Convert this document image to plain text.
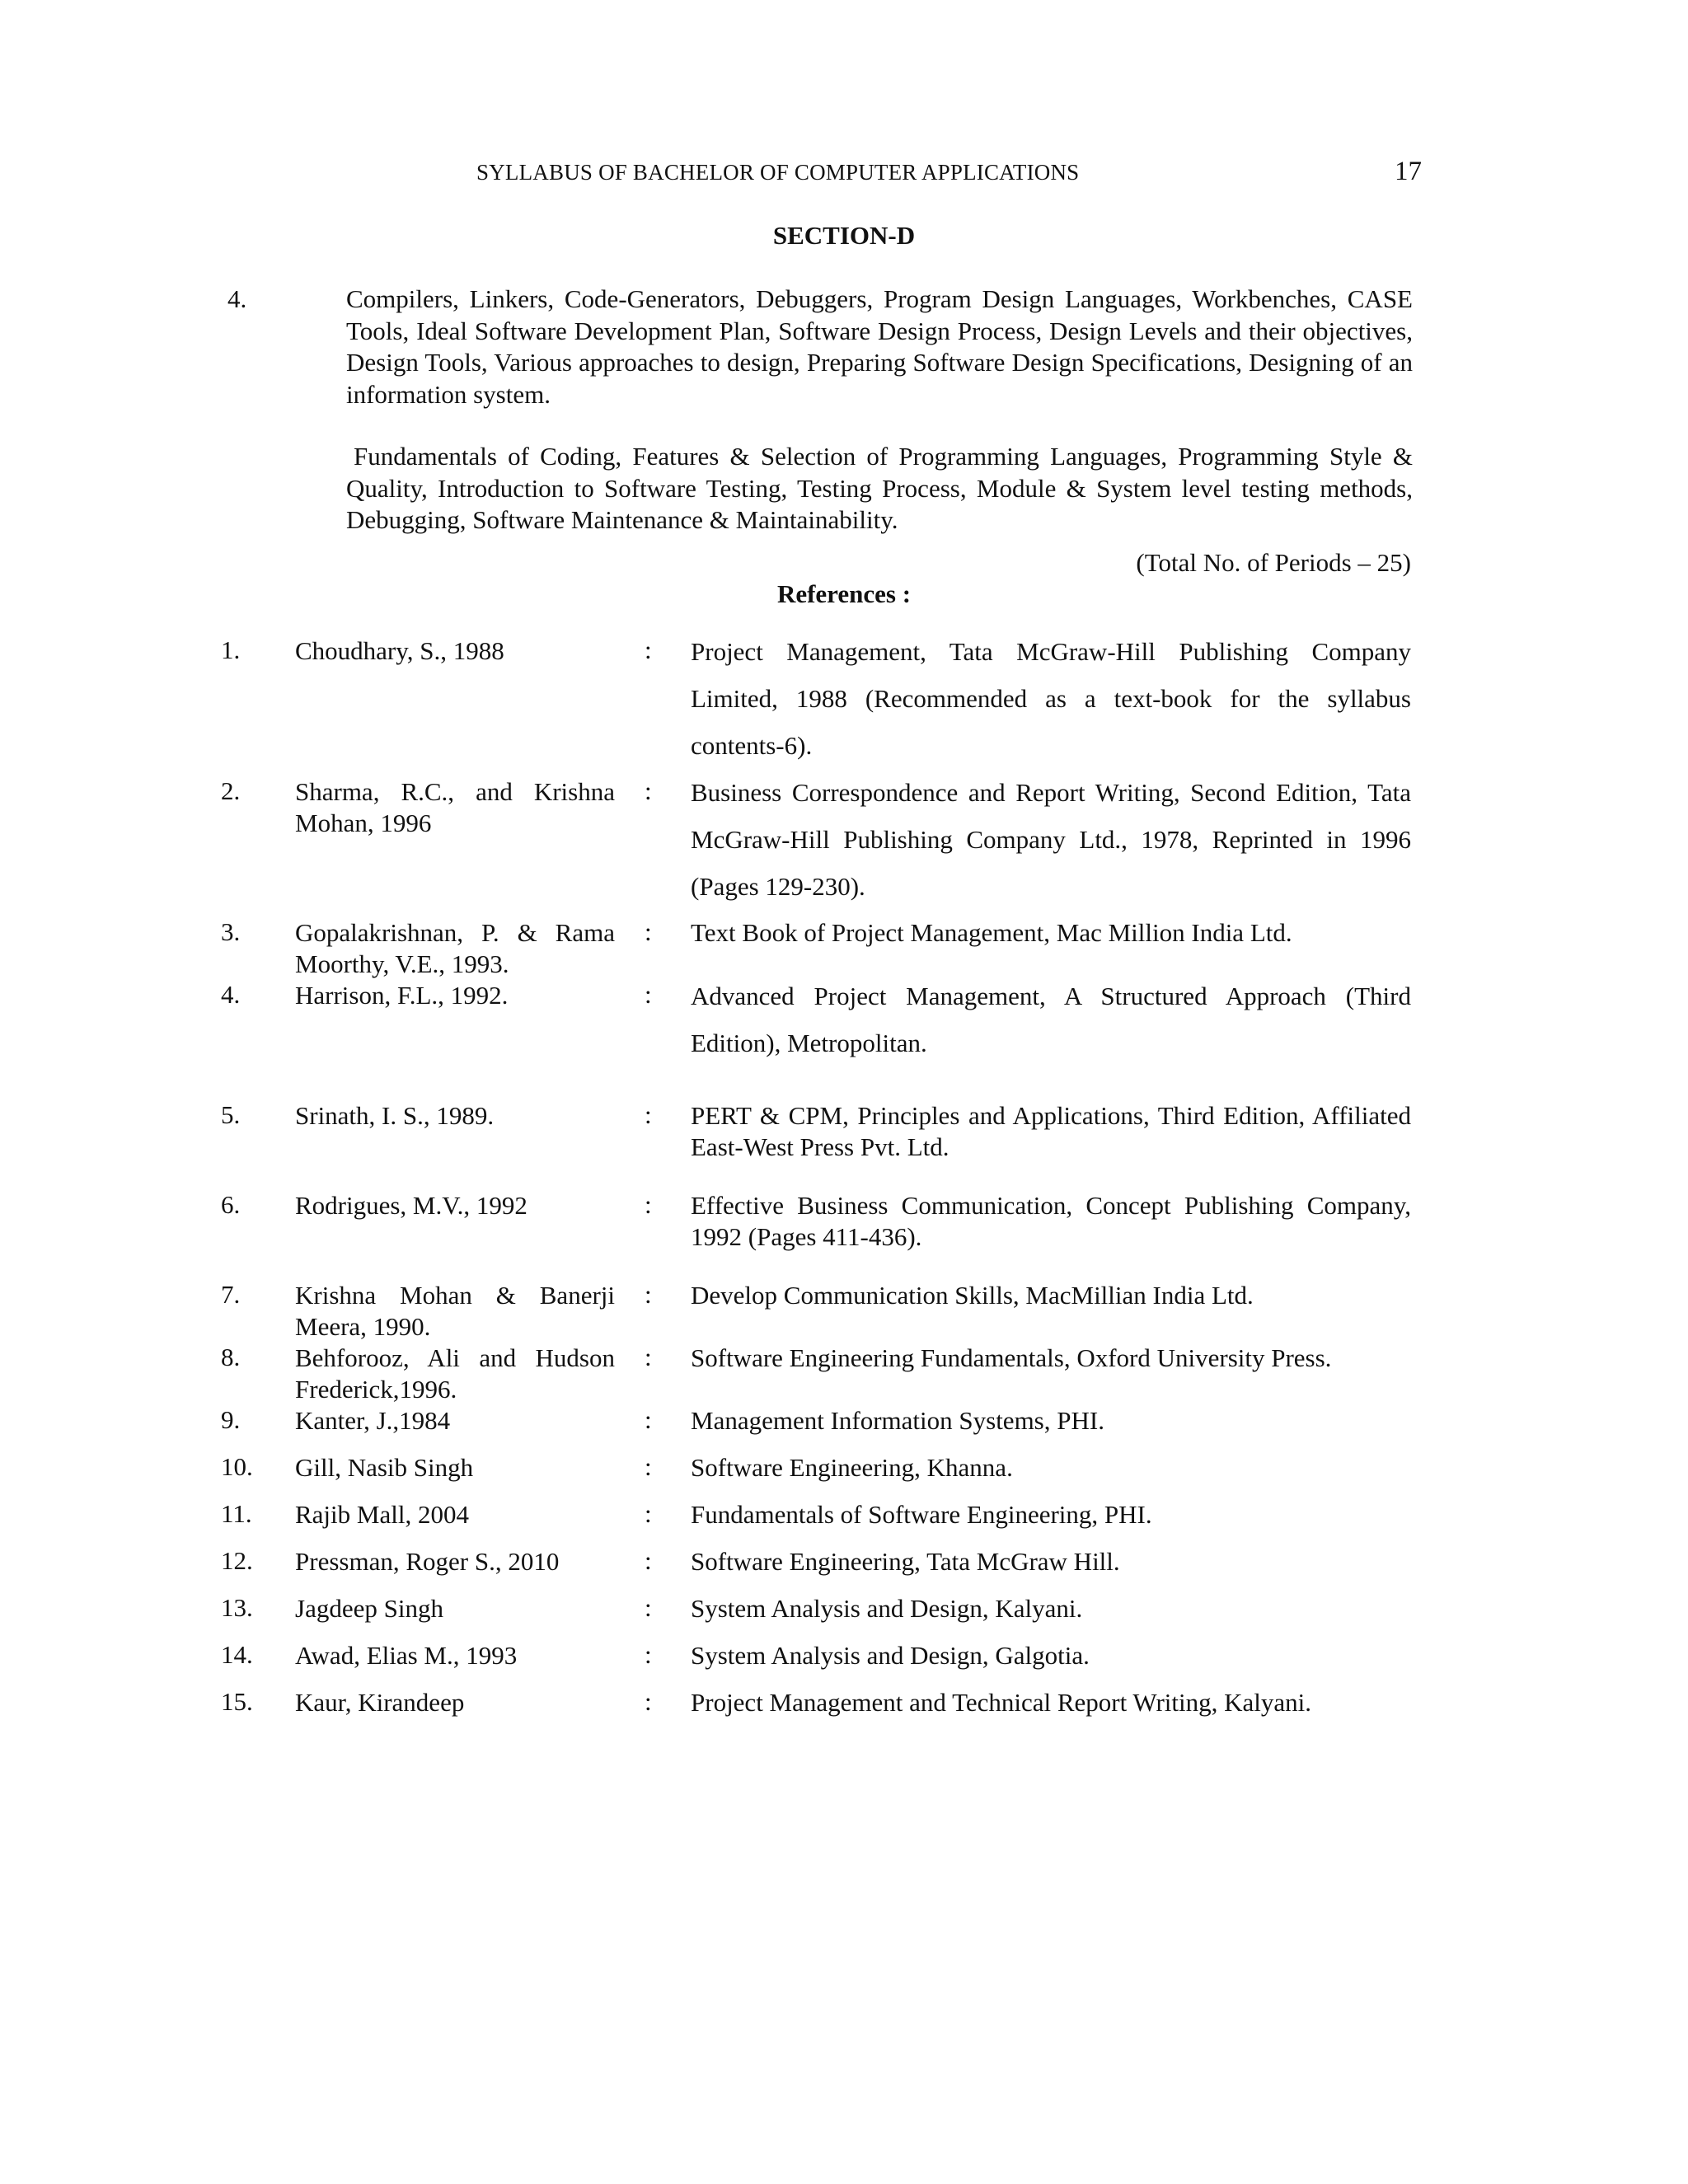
SYLLABUS OF BACHELOR OF COMPUTER APPLICATIONS	17
SECTION-D
4.	Compilers, Linkers, Code-Generators, Debuggers, Program Design Languages, Workbenches, CASE Tools, Ideal Software Development Plan, Software Design Process, Design Levels and their objectives, Design Tools, Various approaches to design, Preparing Software Design Specifications, Designing of an information system.
Fundamentals of Coding, Features & Selection of Programming Languages, Programming Style & Quality, Introduction to Software Testing, Testing Process, Module & System level testing methods, Debugging, Software Maintenance & Maintainability.
(Total No. of Periods – 25)
References :
1. Choudhary, S., 1988	: Project Management, Tata McGraw-Hill Publishing Company Limited, 1988 (Recommended as a text-book for the syllabus contents-6).
2. Sharma, R.C., and Krishna Mohan, 1996
: Business Correspondence and Report Writing, Second Edition, Tata McGraw-Hill Publishing Company Ltd., 1978, Reprinted in 1996 (Pages 129-230).
3. Gopalakrishnan, P. & Rama Moorthy, V.E., 1993.
: Text Book of Project Management, Mac Million India Ltd.
4. Harrison, F.L., 1992.	: Advanced Project Management, A Structured Approach (Third Edition), Metropolitan.
5. Srinath, I. S., 1989.	: PERT & CPM, Principles and Applications, Third Edition, Affiliated East-West Press Pvt. Ltd.
6. Rodrigues, M.V., 1992	: Effective Business Communication, Concept Publishing Company, 1992 (Pages 411-436).
7. Krishna Mohan & Banerji Meera, 1990.
: Develop Communication Skills, MacMillian India Ltd.
8. Behforooz, Ali and Hudson Frederick,1996.
: Software Engineering Fundamentals, Oxford University Press.
9. Kanter, J.,1984	: Management Information Systems, PHI.
10. Gill, Nasib Singh	: Software Engineering, Khanna.
11. Rajib Mall, 2004	: Fundamentals of Software Engineering, PHI.
12. Pressman, Roger S., 2010	: Software Engineering, Tata McGraw Hill.
13. Jagdeep Singh	: System Analysis and Design, Kalyani.
14. Awad, Elias M., 1993	: System Analysis and Design, Galgotia.
15. Kaur, Kirandeep	: Project Management and Technical Report Writing, Kalyani.
